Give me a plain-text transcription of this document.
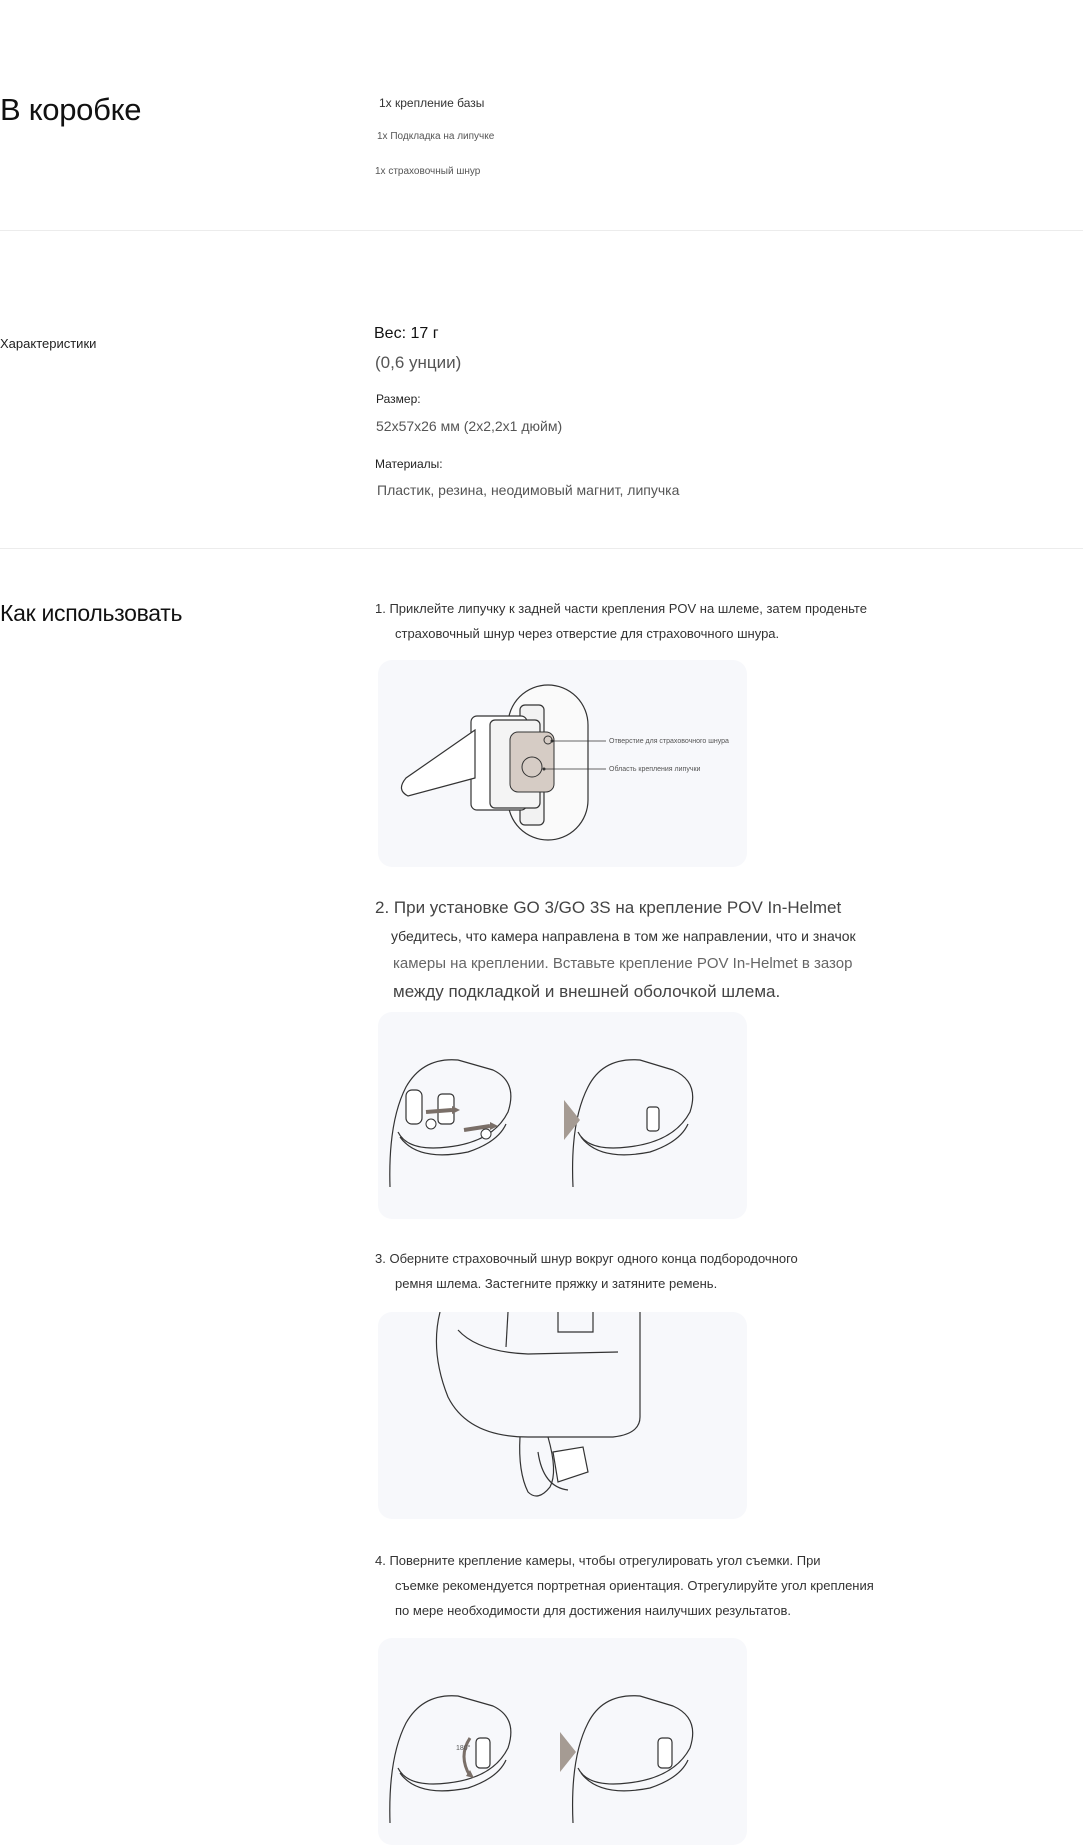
В коробке	1x крепление базы
1x Подкладка на липучке
1x страховочный шнур
Характеристики
Вес: 17 г
(0,6 унции)
Размер:
52x57x26 мм (2x2,2x1 дюйм)
Материалы:
Пластик, резина, неодимовый магнит, липучка
Как использовать	1. Приклейте липучку к задней части крепления POV на шлеме, затем проденьте
страховочный шнур через отверстие для страховочного шнура.
Отверстие для страховочного шнура
Область крепления липучки
2. При установке GO 3/GO 3S на крепление POV In-Helmet
убедитесь, что камера направлена в том же направлении, что и значок
камеры на креплении. Вставьте крепление POV In-Helmet в зазор
между подкладкой и внешней оболочкой шлема.
3. Оберните страховочный шнур вокруг одного конца подбородочного
ремня шлема. Застегните пряжку и затяните ремень.
4. Поверните крепление камеры, чтобы отрегулировать угол съемки. При
съемке рекомендуется портретная ориентация. Отрегулируйте угол крепления
по мере необходимости для достижения наилучших результатов.
180°
